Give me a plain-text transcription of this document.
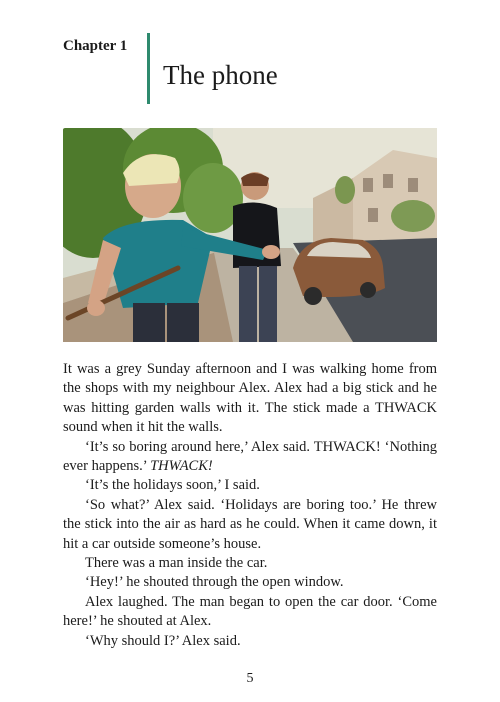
Chapter 1
The phone

It was a grey Sunday afternoon and I was walking home from the shops with my neighbour Alex. Alex had a big stick and he was hitting garden walls with it. The stick made a THWACK sound when it hit the walls.

‘It’s so boring around here,’ Alex said. THWACK! ‘Nothing ever happens.’ THWACK!

‘It’s the holidays soon,’ I said.

‘So what?’ Alex said. ‘Holidays are boring too.’ He threw the stick into the air as hard as he could. When it came down, it hit a car outside someone’s house.

There was a man inside the car.

‘Hey!’ he shouted through the open window.

Alex laughed. The man began to open the car door. ‘Come here!’ he shouted at Alex.

‘Why should I?’ Alex said.

5
